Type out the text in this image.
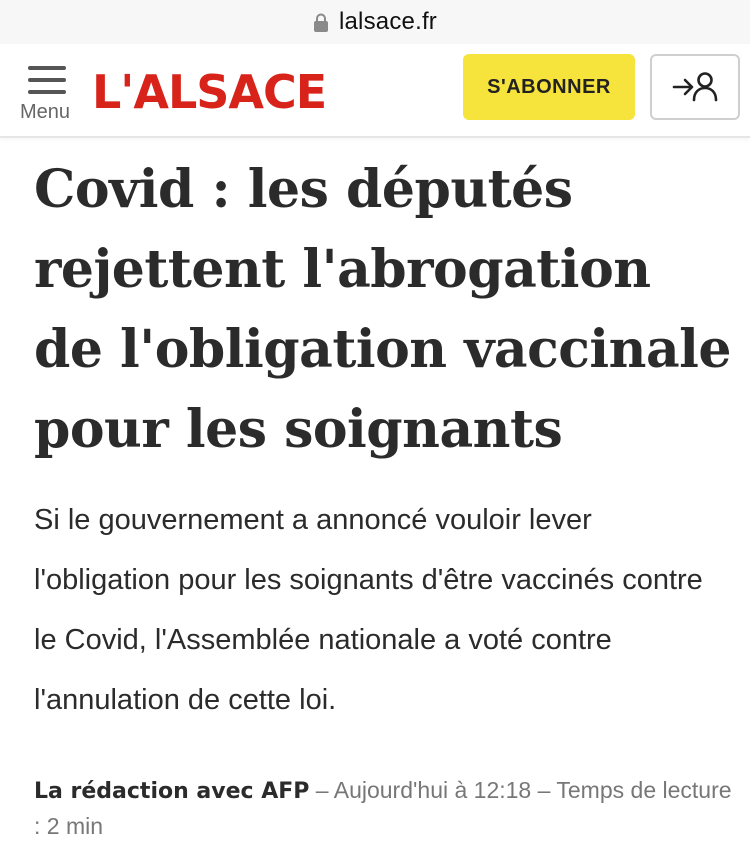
lalsace.fr
Menu L'ALSACE	S'ABONNER
Covid : les députés rejettent l'abrogation de l'obligation vaccinale pour les soignants

Si le gouvernement a annoncé vouloir lever l'obligation pour les soignants d'être vaccinés contre le Covid, l'Assemblée nationale a voté contre l'annulation de cette loi.

La rédaction avec AFP – Aujourd'hui à 12:18 – Temps de lecture : 2 min
